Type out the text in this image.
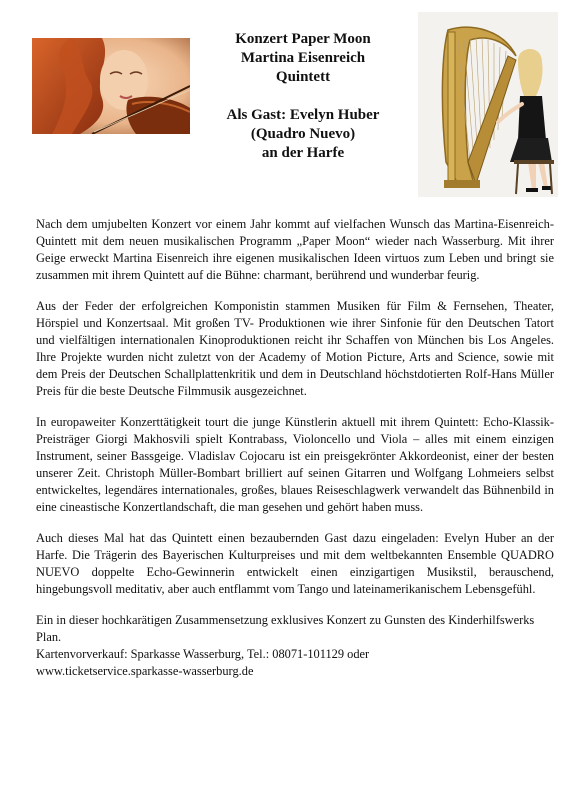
Konzert Paper Moon
Martina Eisenreich
Quintett
Als Gast: Evelyn Huber
(Quadro Nuevo)
an der Harfe

Nach dem umjubelten Konzert vor einem Jahr kommt auf vielfachen Wunsch das Martina-Eisenreich-Quintett mit dem neuen musikalischen Programm „Paper Moon“ wieder nach Wasserburg. Mit ihrer Geige erweckt Martina Eisenreich ihre eigenen musikalischen Ideen virtuos zum Leben und bringt sie zusammen mit ihrem Quintett auf die Bühne: charmant, berührend und wunderbar feurig.

Aus der Feder der erfolgreichen Komponistin stammen Musiken für Film & Fernsehen, Theater, Hörspiel und Konzertsaal. Mit großen TV- Produktionen wie ihrer Sinfonie für den Deutschen Tatort und vielfältigen internationalen Kinoproduktionen reicht ihr Schaffen von München bis Los Angeles. Ihre Projekte wurden nicht zuletzt von der Academy of Motion Picture, Arts and Science, sowie mit dem Preis der Deutschen Schallplattenkritik und dem in Deutschland höchstdotierten Rolf-Hans Müller Preis für die beste Deutsche Filmmusik ausgezeichnet.

In europaweiter Konzerttätigkeit tourt die junge Künstlerin aktuell mit ihrem Quintett: Echo-Klassik-Preisträger Giorgi Makhosvili spielt Kontrabass, Violoncello und Viola – alles mit einem einzigen Instrument, seiner Bassgeige. Vladislav Cojocaru ist ein preisgekrönter Akkordeonist, einer der besten unserer Zeit. Christoph Müller-Bombart brilliert auf seinen Gitarren und Wolfgang Lohmeiers selbst entwickeltes, legendäres internationales, großes, blaues Reiseschlagwerk verwandelt das Bühnenbild in eine cineastische Konzertlandschaft, die man gesehen und gehört haben muss.

Auch dieses Mal hat das Quintett einen bezaubernden Gast dazu eingeladen: Evelyn Huber an der Harfe. Die Trägerin des Bayerischen Kulturpreises und mit dem weltbekannten Ensemble QUADRO NUEVO doppelte Echo-Gewinnerin entwickelt einen einzigartigen Musikstil, berauschend, hingebungsvoll meditativ, aber auch entflammt vom Tango und lateinamerikanischem Lebensgefühl.

Ein in dieser hochkarätigen Zusammensetzung exklusives Konzert zu Gunsten des Kinderhilfswerks Plan.
Kartenvorverkauf: Sparkasse Wasserburg, Tel.: 08071-101129 oder
www.ticketservice.sparkasse-wasserburg.de
